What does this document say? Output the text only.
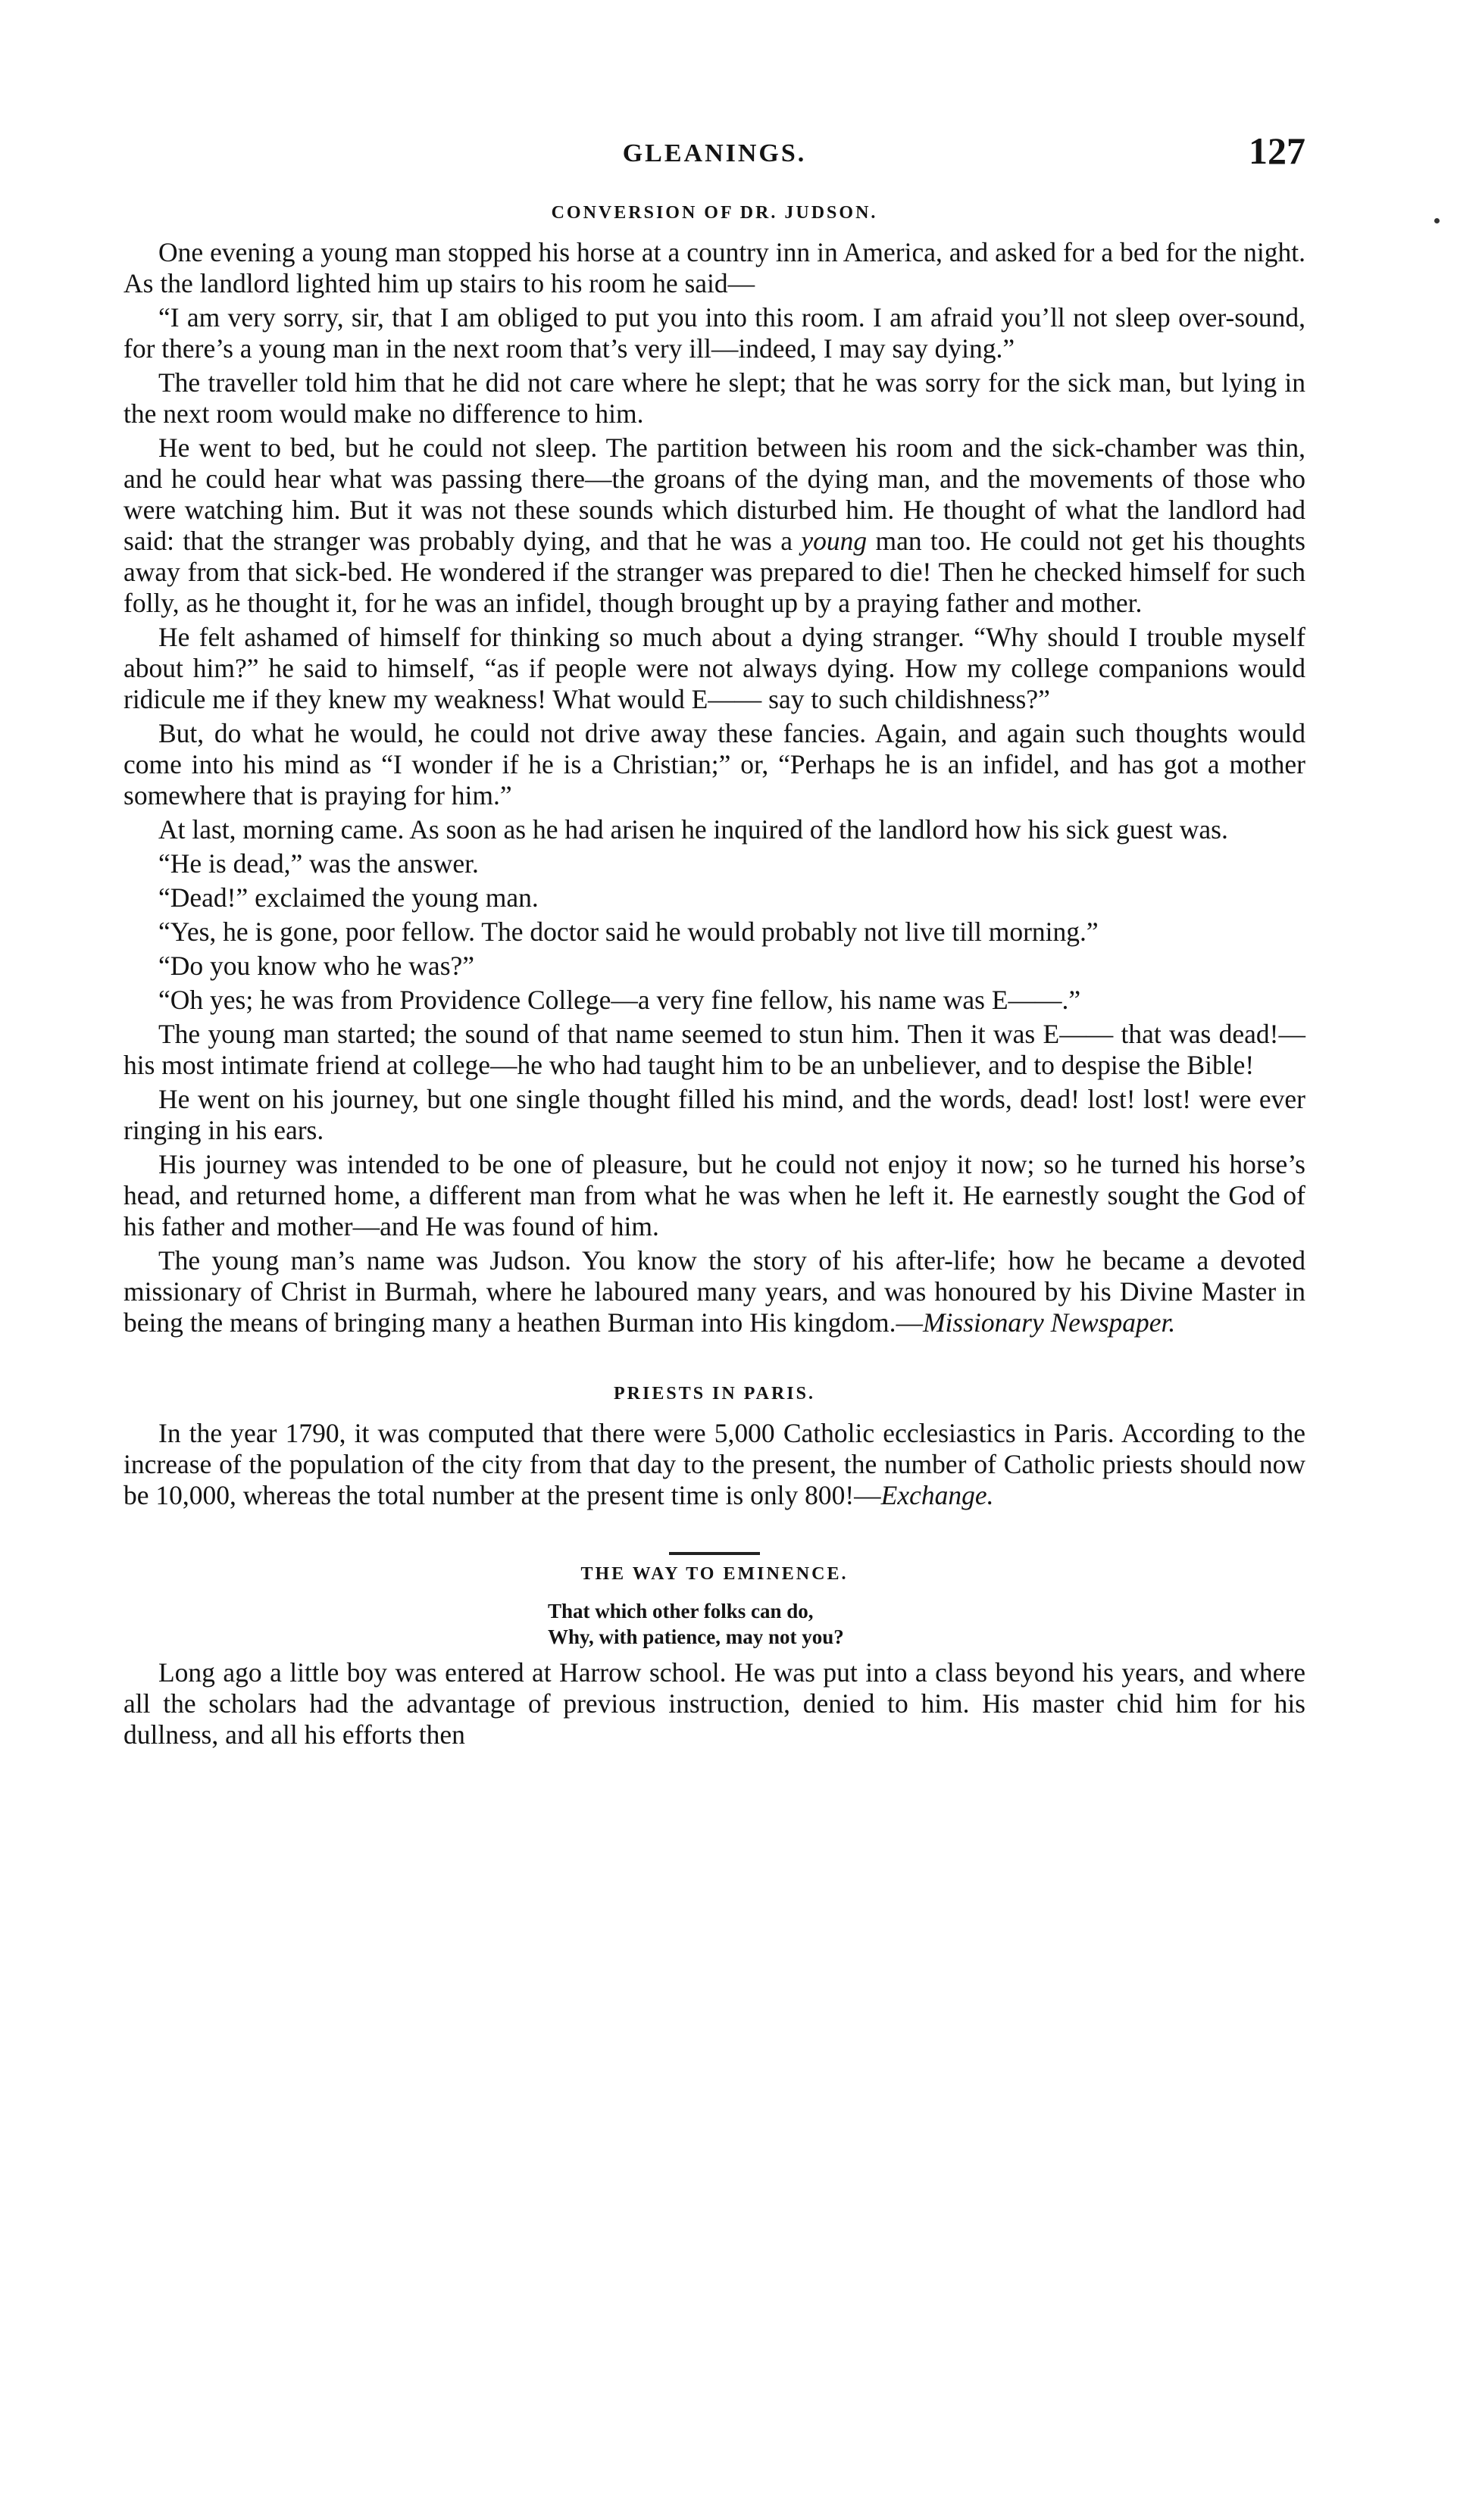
GLEANINGS.	127
CONVERSION OF DR. JUDSON.

One evening a young man stopped his horse at a country inn in America, and asked for a bed for the night. As the landlord lighted him up stairs to his room he said—

“I am very sorry, sir, that I am obliged to put you into this room. I am afraid you’ll not sleep over-sound, for there’s a young man in the next room that’s very ill—indeed, I may say dying.”

The traveller told him that he did not care where he slept; that he was sorry for the sick man, but lying in the next room would make no difference to him.

He went to bed, but he could not sleep. The partition between his room and the sick-chamber was thin, and he could hear what was passing there—the groans of the dying man, and the movements of those who were watching him. But it was not these sounds which disturbed him. He thought of what the landlord had said: that the stranger was probably dying, and that he was a young man too. He could not get his thoughts away from that sick-bed. He wondered if the stranger was prepared to die! Then he checked himself for such folly, as he thought it, for he was an infidel, though brought up by a praying father and mother.

He felt ashamed of himself for thinking so much about a dying stranger. “Why should I trouble myself about him?” he said to himself, “as if people were not always dying. How my college companions would ridicule me if they knew my weakness! What would E—— say to such childishness?”

But, do what he would, he could not drive away these fancies. Again, and again such thoughts would come into his mind as “I wonder if he is a Christian;” or, “Perhaps he is an infidel, and has got a mother somewhere that is praying for him.”

At last, morning came. As soon as he had arisen he inquired of the landlord how his sick guest was.

“He is dead,” was the answer.

“Dead!” exclaimed the young man.

“Yes, he is gone, poor fellow. The doctor said he would probably not live till morning.”

“Do you know who he was?”

“Oh yes; he was from Providence College—a very fine fellow, his name was E——.”

The young man started; the sound of that name seemed to stun him. Then it was E—— that was dead!—his most intimate friend at college—he who had taught him to be an unbeliever, and to despise the Bible!

He went on his journey, but one single thought filled his mind, and the words, dead! lost! lost! were ever ringing in his ears.

His journey was intended to be one of pleasure, but he could not enjoy it now; so he turned his horse’s head, and returned home, a different man from what he was when he left it. He earnestly sought the God of his father and mother—and He was found of him.

The young man’s name was Judson. You know the story of his after-life; how he became a devoted missionary of Christ in Burmah, where he laboured many years, and was honoured by his Divine Master in being the means of bringing many a heathen Burman into His kingdom.—Missionary Newspaper.

PRIESTS IN PARIS.

In the year 1790, it was computed that there were 5,000 Catholic ecclesiastics in Paris. According to the increase of the population of the city from that day to the present, the number of Catholic priests should now be 10,000, whereas the total number at the present time is only 800!—Exchange.

THE WAY TO EMINENCE.
That which other folks can do,
Why, with patience, may not you?

Long ago a little boy was entered at Harrow school. He was put into a class beyond his years, and where all the scholars had the advantage of previous instruction, denied to him. His master chid him for his dullness, and all his efforts then
